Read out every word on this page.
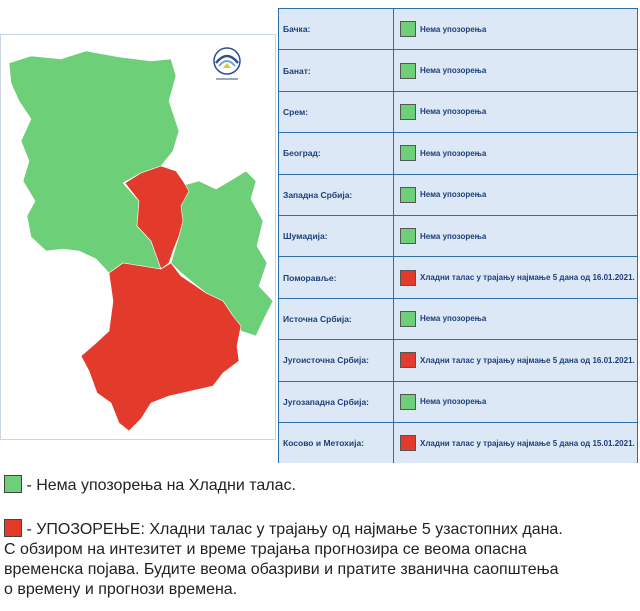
Бачка:	Нема упозорења
Банат:	Нема упозорења
Срем:	Нема упозорења
Београд:	Нема упозорења
Западна Србија:	Нема упозорења
Шумадија:	Нема упозорења
Поморавље:	Хладни талас у трајању најмање 5 дана од 16.01.2021.
Источна Србија:	Нема упозорења
Југоисточна Србија:	Хладни талас у трајању најмање 5 дана од 16.01.2021.
Југозападна Србија:	Нема упозорења
Косово и Метохија:	Хладни талас у трајању најмање 5 дана од 15.01.2021.
- Нема упозорења на Хладни талас.
- УПОЗОРЕЊЕ: Хладни талас у трајању од најмање 5 узастопних дана.
С обзиром на интезитет и време трајања прогнозира се веома опасна
временска појава. Будите веома обазриви и пратите званична саопштења
о времену и прогнози времена.
